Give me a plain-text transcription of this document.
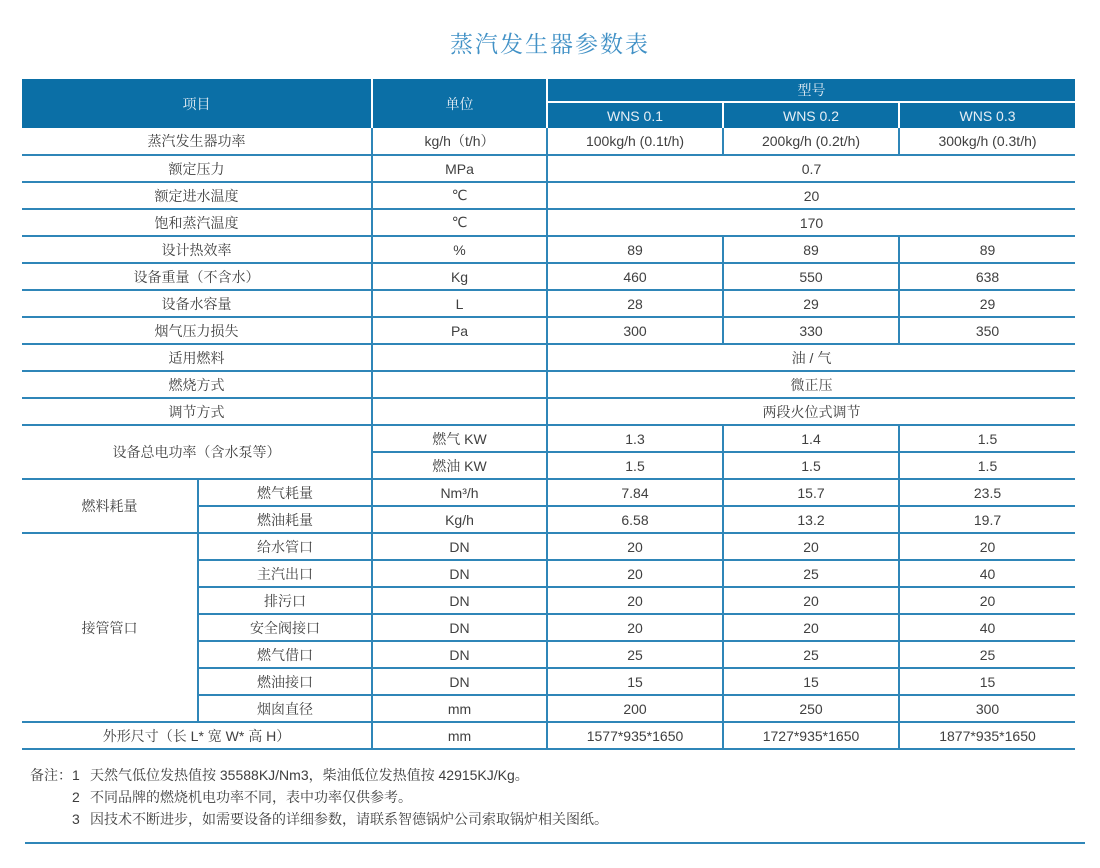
蒸汽发生器参数表
项目		单位	型号		
			WNS 0.1	WNS 0.2	WNS 0.3
蒸汽发生器功率		kg/h（t/h）	100kg/h (0.1t/h)	200kg/h (0.2t/h)	300kg/h (0.3t/h)
额定压力		MPa	0.7		
额定进水温度		℃	20		
饱和蒸汽温度		℃	170		
设计热效率		%	89	89	89
设备重量（不含水）		Kg	460	550	638
设备水容量		L	28	29	29
烟气压力损失		Pa	300	330	350
适用燃料			油 / 气		
燃烧方式			微正压		
调节方式			两段火位式调节		
设备总电功率（含水泵等）		燃气 KW	1.3	1.4	1.5
		燃油 KW	1.5	1.5	1.5
燃料耗量	燃气耗量	Nm³/h	7.84	15.7	23.5
	燃油耗量	Kg/h	6.58	13.2	19.7
接管管口	给水管口	DN	20	20	20
	主汽出口	DN	20	25	40
	排污口	DN	20	20	20
	安全阀接口	DN	20	20	40
	燃气借口	DN	25	25	25
	燃油接口	DN	15	15	15
	烟囱直径	mm	200	250	300
外形尺寸（长 L* 宽 W* 高 H）		mm	1577*935*1650	1727*935*1650	1877*935*1650
备注： 1 天然气低位发热值按 35588KJ/Nm3，柴油低位发热值按 42915KJ/Kg。
2 不同品牌的燃烧机电功率不同，表中功率仅供参考。
3 因技术不断进步，如需要设备的详细参数，请联系智德锅炉公司索取锅炉相关图纸。
